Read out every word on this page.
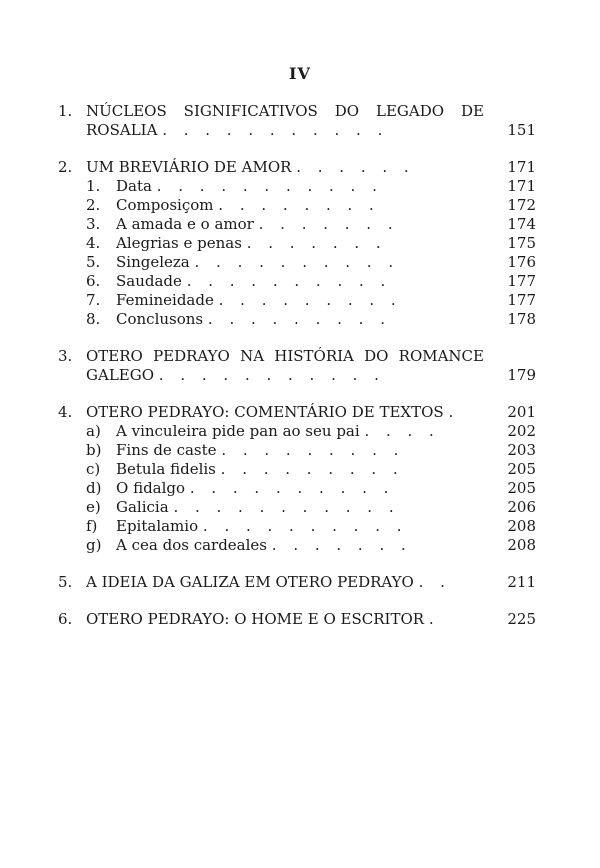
IV
1. NÚCLEOS SIGNIFICATIVOS DO LEGADO DE
ROSALIA . . . . . . . . . . .	151
2. UM BREVIÁRIO DE AMOR . . . . . .	171
1.	Data . . . . . . . . . . .	171
2.	Composiçom . . . . . . . .	172
3.	A amada e o amor . . . . . . .	174
4.	Alegrias e penas . . . . . . .	175
5.	Singeleza . . . . . . . . . .	176
6.	Saudade . . . . . . . . . .	177
7.	Femineidade . . . . . . . . .	177
8.	Conclusons . . . . . . . . .	178
3. OTERO PEDRAYO NA HISTÓRIA DO ROMANCE
GALEGO . . . . . . . . . . .	179
4. OTERO PEDRAYO: COMENTÁRIO DE TEXTOS .	201
a)	A vinculeira pide pan ao seu pai . . . .	202
b) Fins de caste . . . . . . . . .	203
c)	Betula fidelis . . . . . . . . .	205
d) O fidalgo . . . . . . . . . .	205
e)	Galicia . . . . . . . . . . .	206
f)	Epitalamio . . . . . . . . . .	208
g) A cea dos cardeales . . . . . . .	208
5. A IDEIA DA GALIZA EM OTERO PEDRAYO . .	211
6. OTERO PEDRAYO: O HOME E O ESCRITOR .	225
